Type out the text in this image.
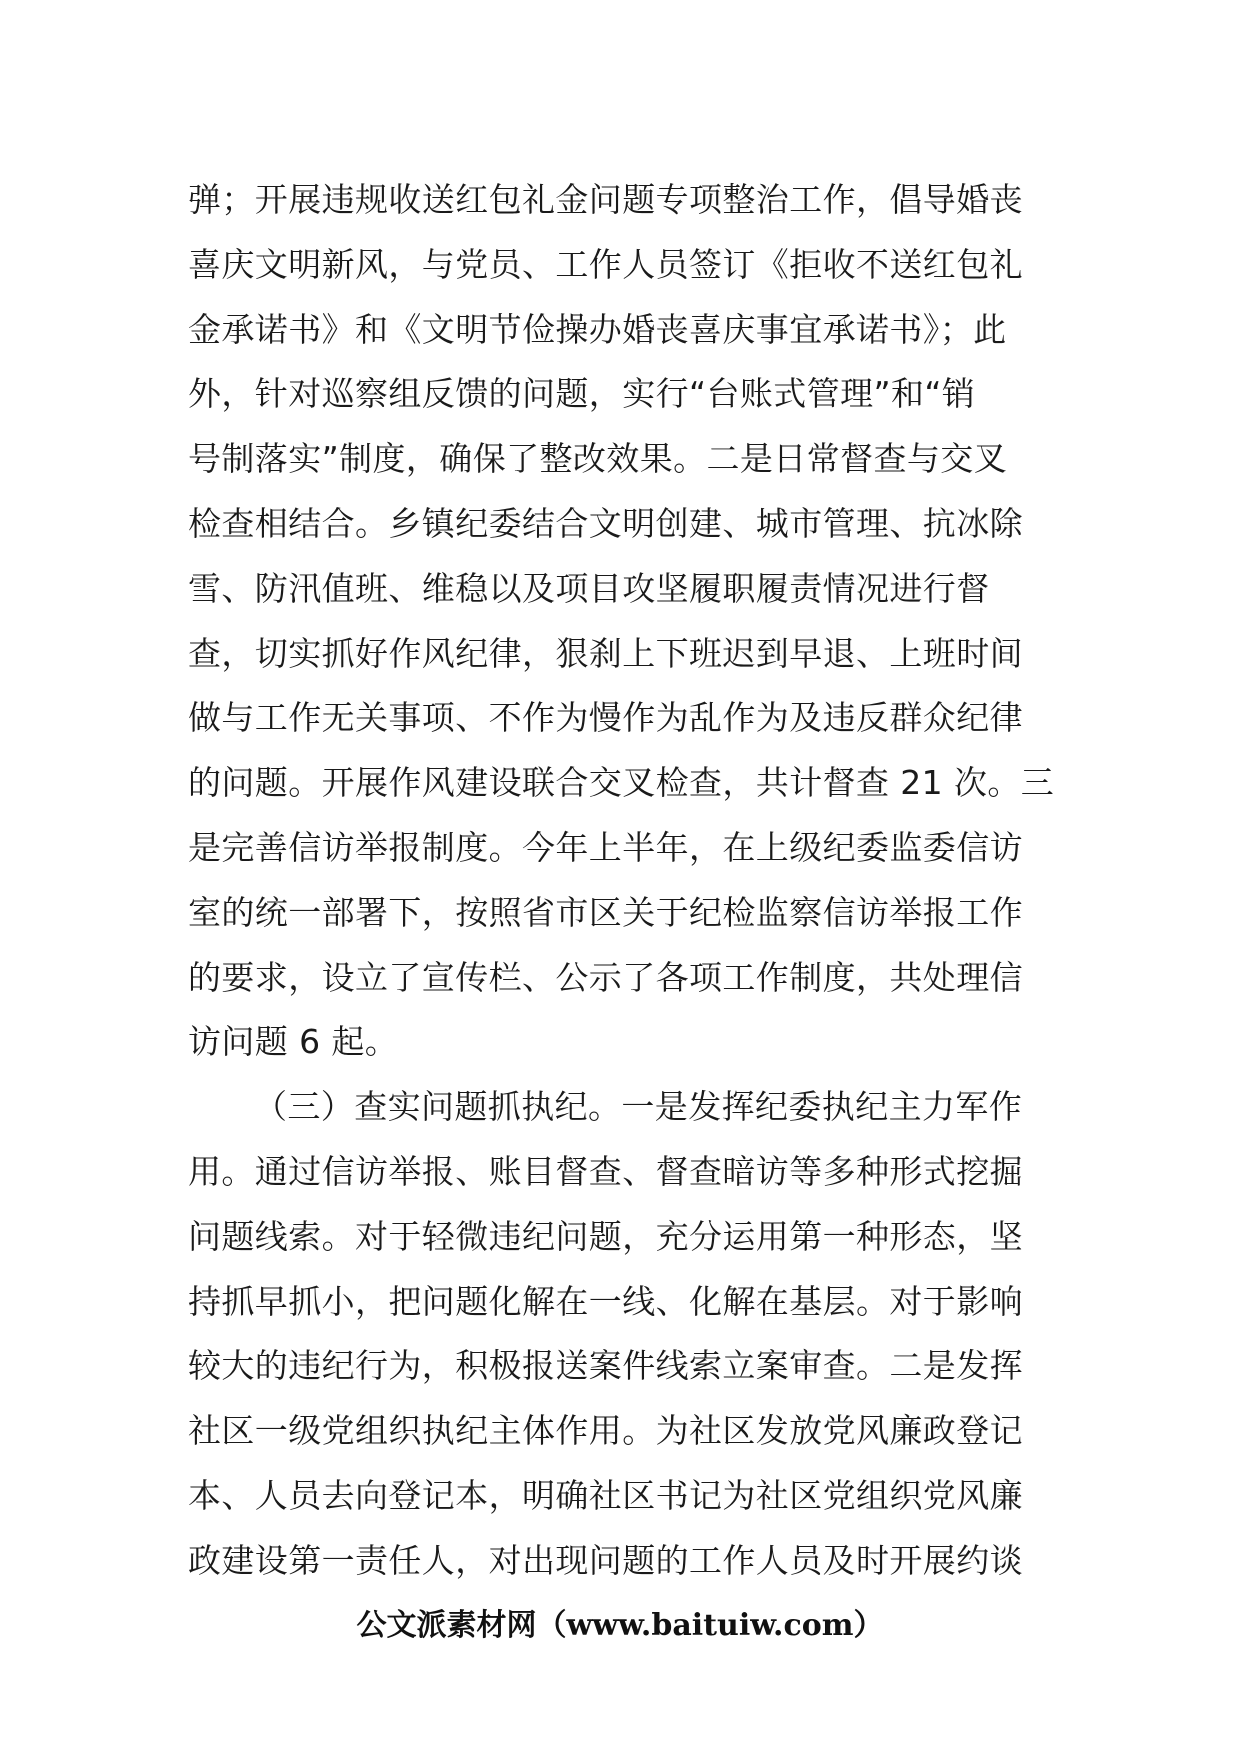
弹；开展违规收送红包礼金问题专项整治工作，倡导婚丧
喜庆文明新风，与党员、工作人员签订《拒收不送红包礼
金承诺书》和《文明节俭操办婚丧喜庆事宜承诺书》；此
外，针对巡察组反馈的问题，实行“台账式管理”和“销
号制落实”制度，确保了整改效果。二是日常督查与交叉
检查相结合。乡镇纪委结合文明创建、城市管理、抗冰除
雪、防汛值班、维稳以及项目攻坚履职履责情况进行督
查，切实抓好作风纪律，狠刹上下班迟到早退、上班时间
做与工作无关事项、不作为慢作为乱作为及违反群众纪律
的问题。开展作风建设联合交叉检查，共计督查 21 次。三
是完善信访举报制度。今年上半年，在上级纪委监委信访
室的统一部署下，按照省市区关于纪检监察信访举报工作
的要求，设立了宣传栏、公示了各项工作制度，共处理信
访问题 6 起。
（三）查实问题抓执纪。一是发挥纪委执纪主力军作
用。通过信访举报、账目督查、督查暗访等多种形式挖掘
问题线索。对于轻微违纪问题，充分运用第一种形态，坚
持抓早抓小，把问题化解在一线、化解在基层。对于影响
较大的违纪行为，积极报送案件线索立案审查。二是发挥
社区一级党组织执纪主体作用。为社区发放党风廉政登记
本、人员去向登记本，明确社区书记为社区党组织党风廉
政建设第一责任人，对出现问题的工作人员及时开展约谈
公文派素材网（www.baituiw.com）
